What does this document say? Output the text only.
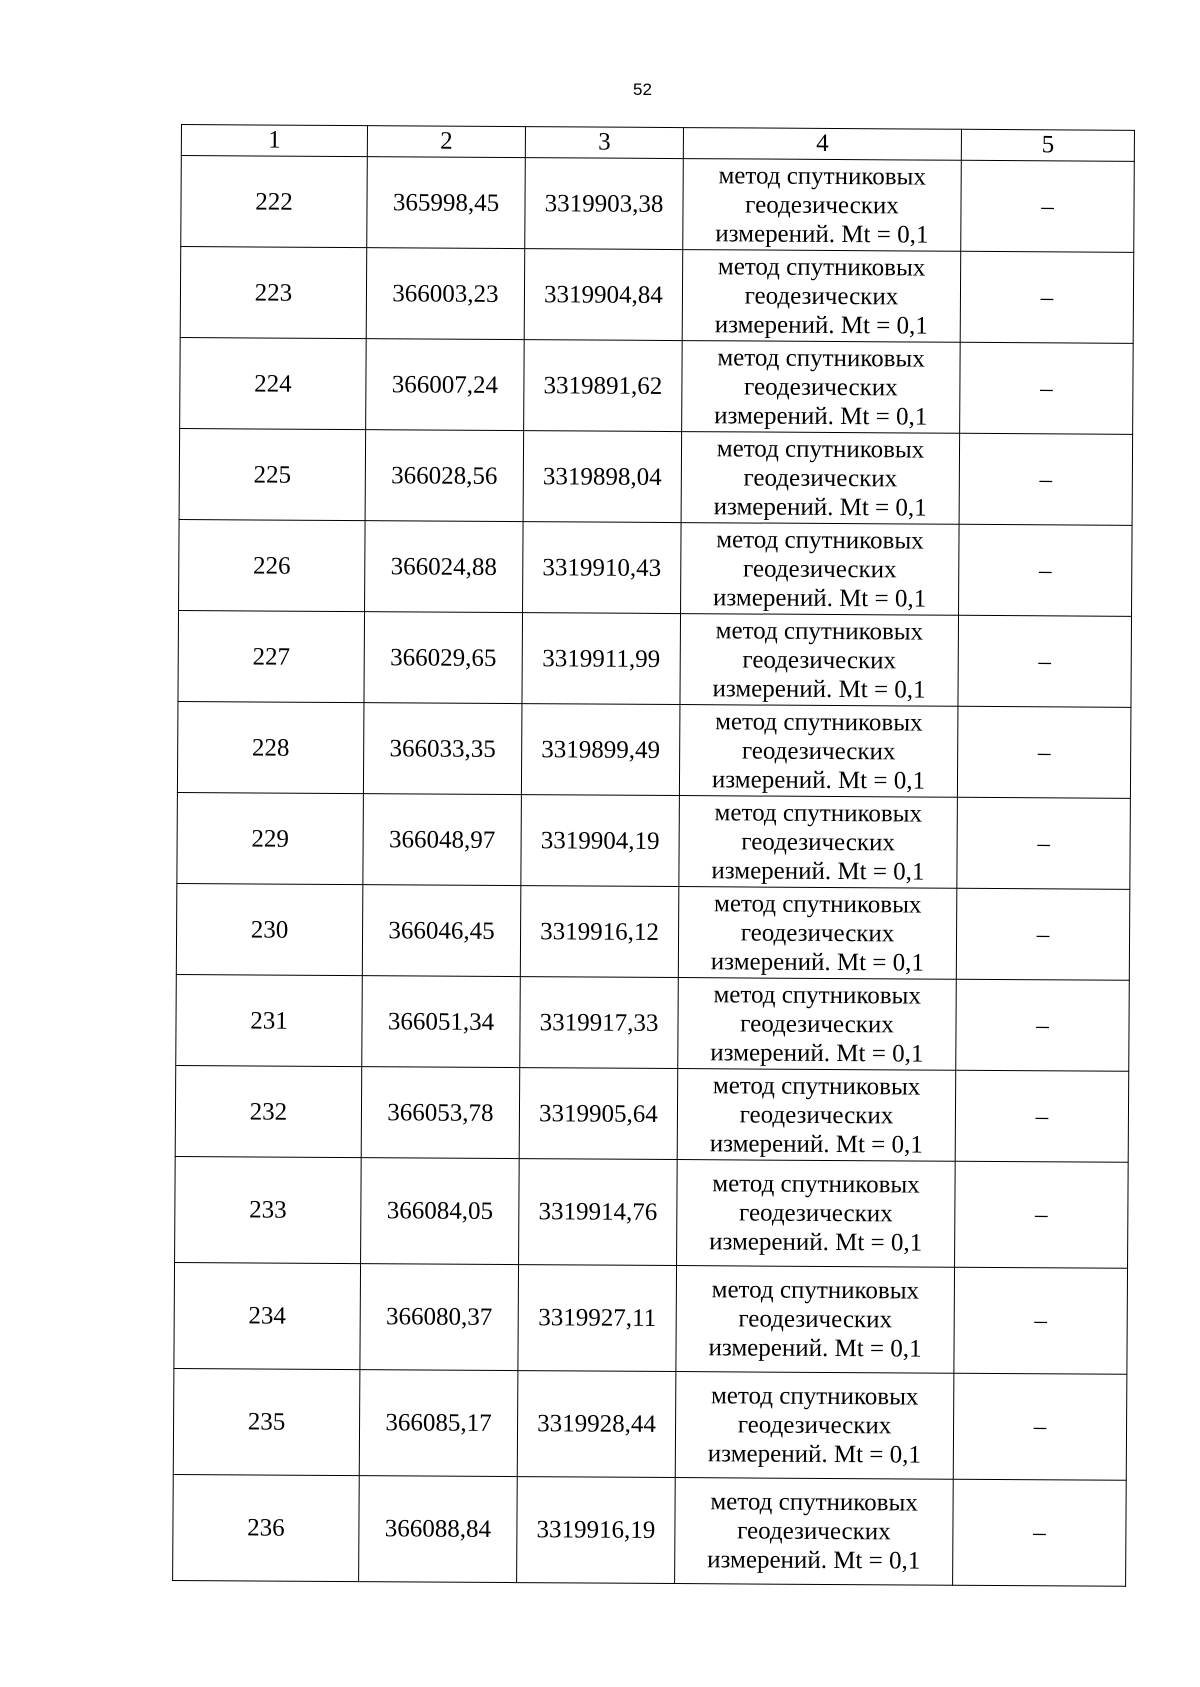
52
1	2	3	4	5
222	365998,45	3319903,38	метод спутниковых геодезических измерений. Mt = 0,1	–
223	366003,23	3319904,84	метод спутниковых геодезических измерений. Mt = 0,1	–
224	366007,24	3319891,62	метод спутниковых геодезических измерений. Mt = 0,1	–
225	366028,56	3319898,04	метод спутниковых геодезических измерений. Mt = 0,1	–
226	366024,88	3319910,43	метод спутниковых геодезических измерений. Mt = 0,1	–
227	366029,65	3319911,99	метод спутниковых геодезических измерений. Mt = 0,1	–
228	366033,35	3319899,49	метод спутниковых геодезических измерений. Mt = 0,1	–
229	366048,97	3319904,19	метод спутниковых геодезических измерений. Mt = 0,1	–
230	366046,45	3319916,12	метод спутниковых геодезических измерений. Mt = 0,1	–
231	366051,34	3319917,33	метод спутниковых геодезических измерений. Mt = 0,1	–
232	366053,78	3319905,64	метод спутниковых геодезических измерений. Mt = 0,1	–
233	366084,05	3319914,76	метод спутниковых геодезических измерений. Mt = 0,1	–
234	366080,37	3319927,11	метод спутниковых геодезических измерений. Mt = 0,1	–
235	366085,17	3319928,44	метод спутниковых геодезических измерений. Mt = 0,1	–
236	366088,84	3319916,19	метод спутниковых геодезических измерений. Mt = 0,1	–
